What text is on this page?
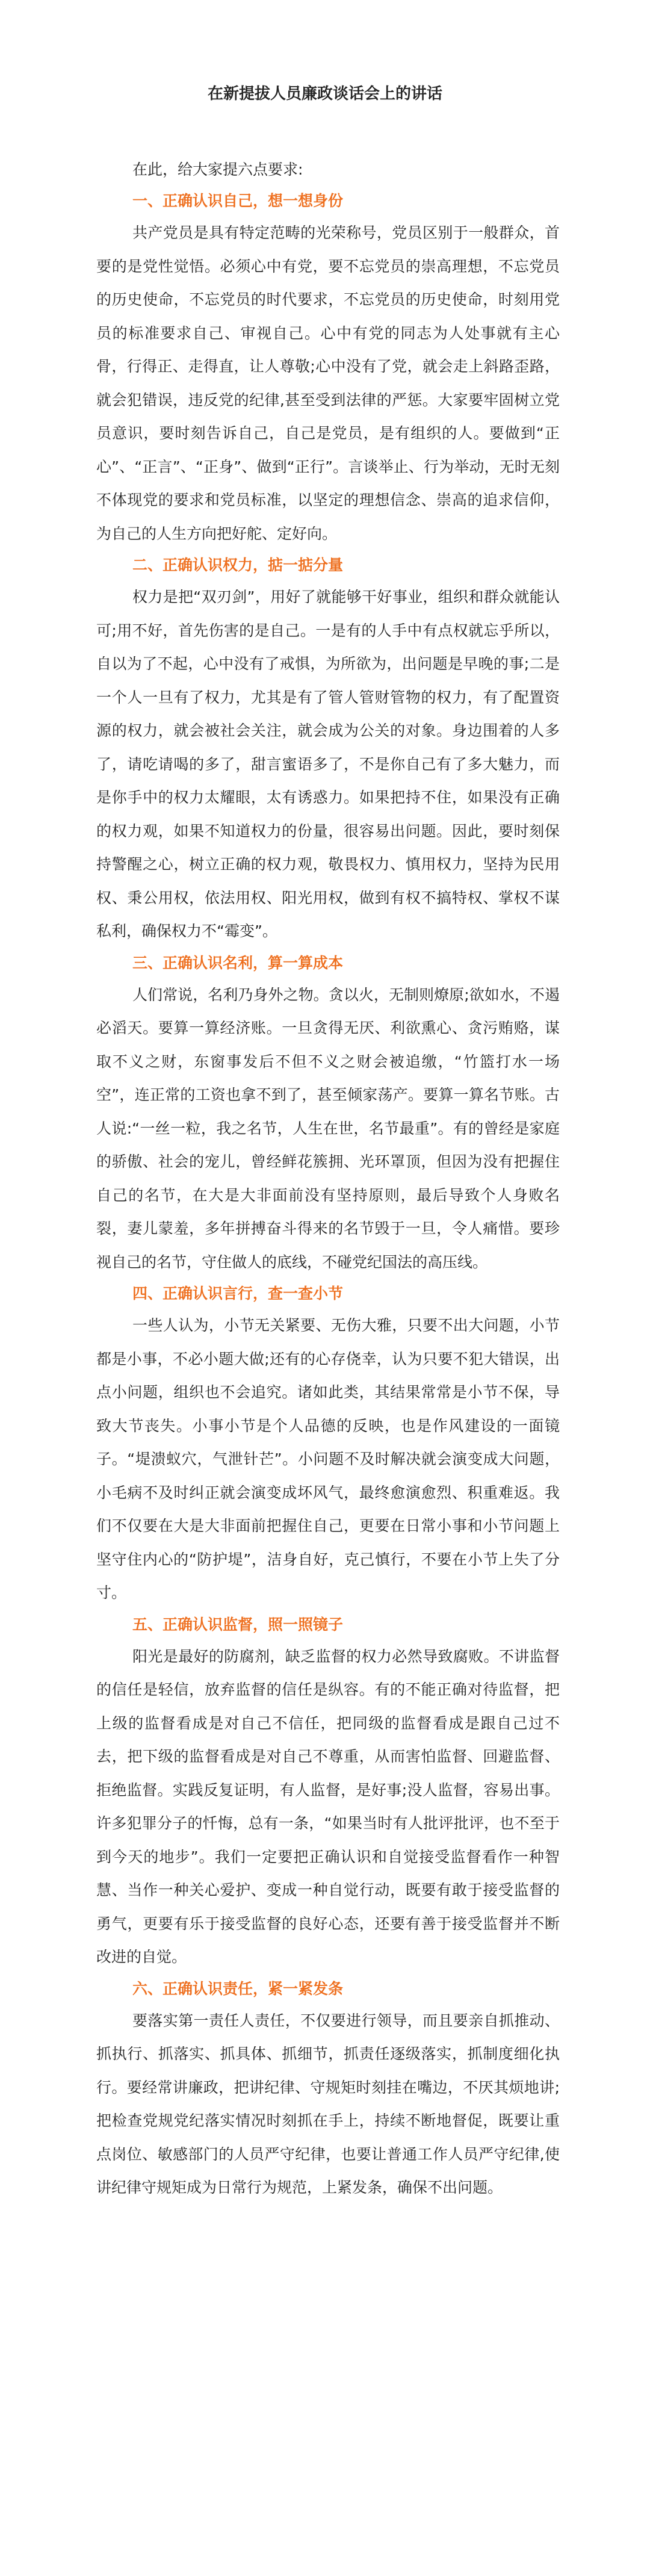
在新提拔人员廉政谈话会上的讲话

在此，给大家提六点要求:

一、正确认识自己，想一想身份

共产党员是具有特定范畴的光荣称号，党员区别于一般群众，首要的是党性觉悟。必须心中有党，要不忘党员的崇高理想，不忘党员的历史使命，不忘党员的时代要求，不忘党员的历史使命，时刻用党员的标准要求自己、审视自己。心中有党的同志为人处事就有主心骨，行得正、走得直，让人尊敬;心中没有了党，就会走上斜路歪路，就会犯错误，违反党的纪律,甚至受到法律的严惩。大家要牢固树立党员意识，要时刻告诉自己，自己是党员，是有组织的人。要做到“正心”、“正言”、“正身”、做到“正行”。言谈举止、行为举动，无时无刻不体现党的要求和党员标准，以坚定的理想信念、崇高的追求信仰，为自己的人生方向把好舵、定好向。

二、正确认识权力，掂一掂分量

权力是把“双刃剑”，用好了就能够干好事业，组织和群众就能认可;用不好，首先伤害的是自己。一是有的人手中有点权就忘乎所以，自以为了不起，心中没有了戒惧，为所欲为，出问题是早晚的事;二是一个人一旦有了权力，尤其是有了管人管财管物的权力，有了配置资源的权力，就会被社会关注，就会成为公关的对象。身边围着的人多了，请吃请喝的多了，甜言蜜语多了，不是你自己有了多大魅力，而是你手中的权力太耀眼，太有诱惑力。如果把持不住，如果没有正确的权力观，如果不知道权力的份量，很容易出问题。因此，要时刻保持警醒之心，树立正确的权力观，敬畏权力、慎用权力，坚持为民用权、秉公用权，依法用权、阳光用权，做到有权不搞特权、掌权不谋私利，确保权力不“霉变”。

三、正确认识名利，算一算成本

人们常说，名利乃身外之物。贪以火，无制则燎原;欲如水，不遏必滔天。要算一算经济账。一旦贪得无厌、利欲熏心、贪污贿赂，谋取不义之财，东窗事发后不但不义之财会被追缴，“竹篮打水一场空”，连正常的工资也拿不到了，甚至倾家荡产。要算一算名节账。古人说:“一丝一粒，我之名节，人生在世，名节最重”。有的曾经是家庭的骄傲、社会的宠儿，曾经鲜花簇拥、光环罩顶，但因为没有把握住自己的名节，在大是大非面前没有坚持原则，最后导致个人身败名裂，妻儿蒙羞，多年拼搏奋斗得来的名节毁于一旦，令人痛惜。要珍视自己的名节，守住做人的底线，不碰党纪国法的高压线。

四、正确认识言行，查一查小节

一些人认为，小节无关紧要、无伤大雅，只要不出大问题，小节都是小事，不必小题大做;还有的心存侥幸，认为只要不犯大错误，出点小问题，组织也不会追究。诸如此类，其结果常常是小节不保，导致大节丧失。小事小节是个人品德的反映，也是作风建设的一面镜子。“堤溃蚁穴，气泄针芒”。小问题不及时解决就会演变成大问题，小毛病不及时纠正就会演变成坏风气，最终愈演愈烈、积重难返。我们不仅要在大是大非面前把握住自己，更要在日常小事和小节问题上坚守住内心的“防护堤”，洁身自好，克己慎行，不要在小节上失了分寸。

五、正确认识监督，照一照镜子

阳光是最好的防腐剂，缺乏监督的权力必然导致腐败。不讲监督的信任是轻信，放弃监督的信任是纵容。有的不能正确对待监督，把上级的监督看成是对自己不信任，把同级的监督看成是跟自己过不去，把下级的监督看成是对自己不尊重，从而害怕监督、回避监督、拒绝监督。实践反复证明，有人监督，是好事;没人监督，容易出事。许多犯罪分子的忏悔，总有一条，“如果当时有人批评批评，也不至于到今天的地步”。我们一定要把正确认识和自觉接受监督看作一种智慧、当作一种关心爱护、变成一种自觉行动，既要有敢于接受监督的勇气，更要有乐于接受监督的良好心态，还要有善于接受监督并不断改进的自觉。

六、正确认识责任，紧一紧发条

要落实第一责任人责任，不仅要进行领导，而且要亲自抓推动、抓执行、抓落实、抓具体、抓细节，抓责任逐级落实，抓制度细化执行。要经常讲廉政，把讲纪律、守规矩时刻挂在嘴边，不厌其烦地讲;把检查党规党纪落实情况时刻抓在手上，持续不断地督促，既要让重点岗位、敏感部门的人员严守纪律，也要让普通工作人员严守纪律,使讲纪律守规矩成为日常行为规范，上紧发条，确保不出问题。
